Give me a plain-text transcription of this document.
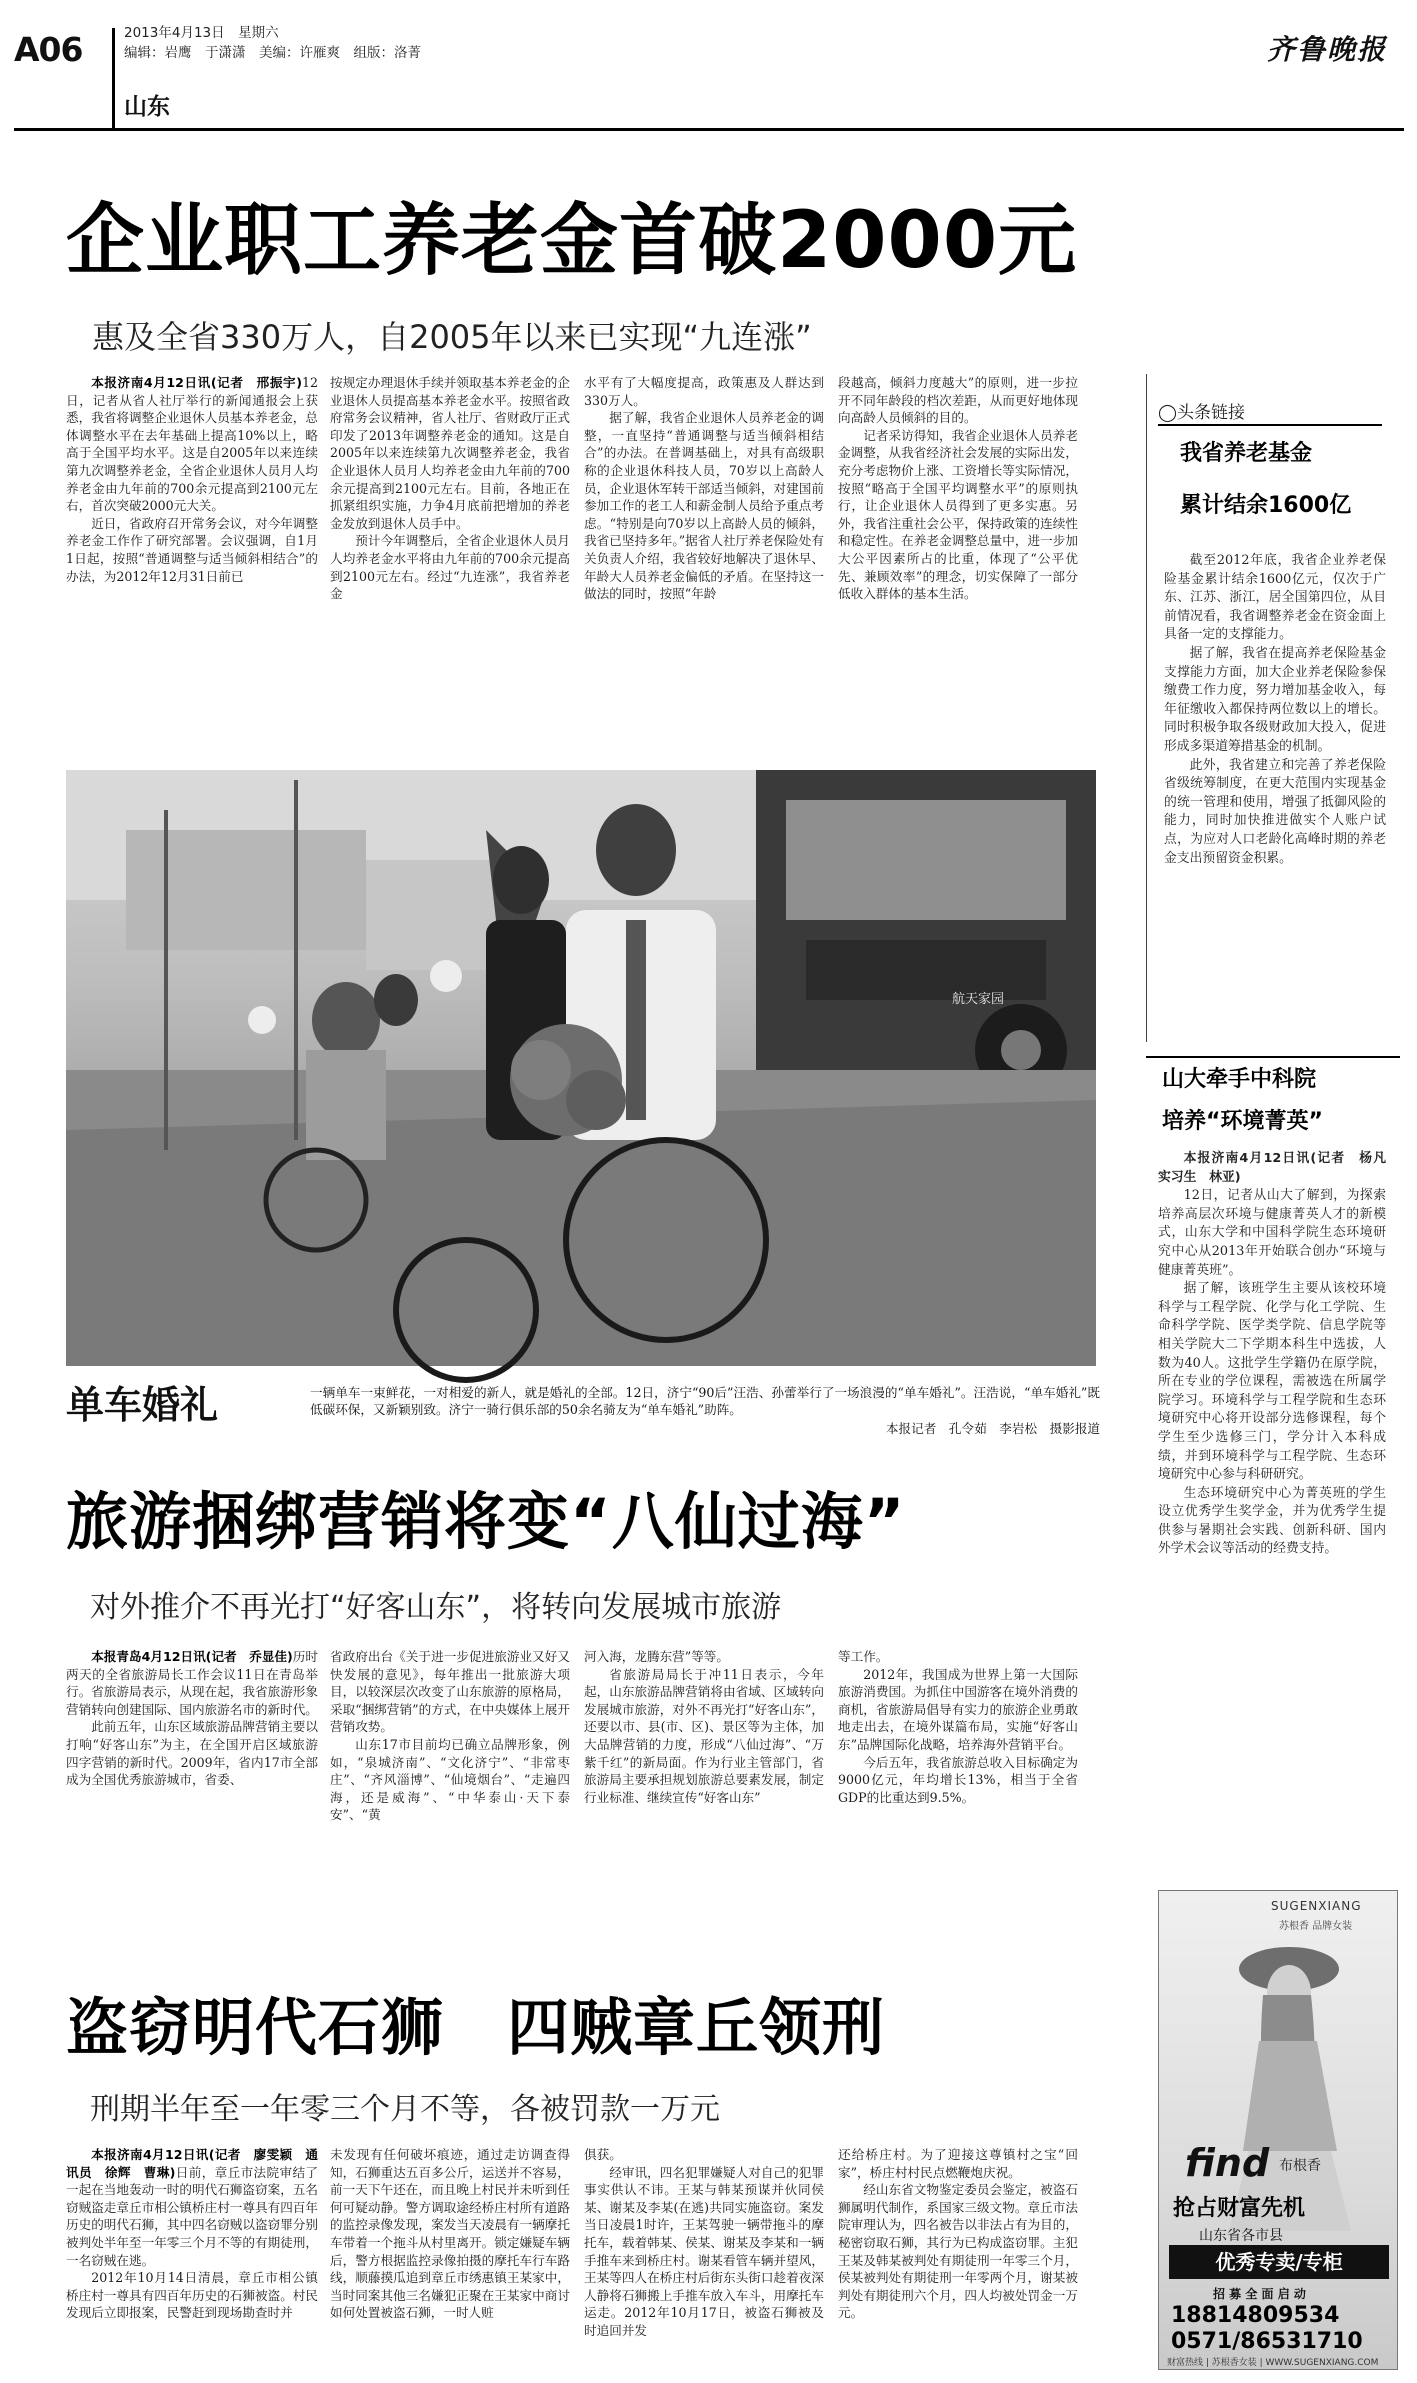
A06	2013年4月13日　星期六
编辑：岩鹰　于潇潇　美编：许雁爽　组版：洛菁
山东
齐鲁晚报
企业职工养老金首破2000元
惠及全省330万人，自2005年以来已实现“九连涨”

本报济南4月12日讯(记者　邢振宇)12日，记者从省人社厅举行的新闻通报会上获悉，我省将调整企业退休人员基本养老金，总体调整水平在去年基础上提高10%以上，略高于全国平均水平。这是自2005年以来连续第九次调整养老金，全省企业退休人员月人均养老金由九年前的700余元提高到2100元左右，首次突破2000元大关。

近日，省政府召开常务会议，对今年调整养老金工作作了研究部署。会议强调，自1月1日起，按照“普通调整与适当倾斜相结合”的办法，为2012年12月31日前已

按规定办理退休手续并领取基本养老金的企业退休人员提高基本养老金水平。按照省政府常务会议精神，省人社厅、省财政厅正式印发了2013年调整养老金的通知。这是自2005年以来连续第九次调整养老金，我省企业退休人员月人均养老金由九年前的700余元提高到2100元左右。目前，各地正在抓紧组织实施，力争4月底前把增加的养老金发放到退休人员手中。

预计今年调整后，全省企业退休人员月人均养老金水平将由九年前的700余元提高到2100元左右。经过“九连涨”，我省养老金

水平有了大幅度提高，政策惠及人群达到330万人。

据了解，我省企业退休人员养老金的调整，一直坚持“普通调整与适当倾斜相结合”的办法。在普调基础上，对具有高级职称的企业退休科技人员，70岁以上高龄人员，企业退休军转干部适当倾斜，对建国前参加工作的老工人和薪金制人员给予重点考虑。“特别是向70岁以上高龄人员的倾斜，我省已坚持多年。”据省人社厅养老保险处有关负责人介绍，我省较好地解决了退休早、年龄大人员养老金偏低的矛盾。在坚持这一做法的同时，按照“年龄

段越高，倾斜力度越大”的原则，进一步拉开不同年龄段的档次差距，从而更好地体现向高龄人员倾斜的目的。

记者采访得知，我省企业退休人员养老金调整，从我省经济社会发展的实际出发，充分考虑物价上涨、工资增长等实际情况，按照“略高于全国平均调整水平”的原则执行，让企业退休人员得到了更多实惠。另外，我省注重社会公平，保持政策的连续性和稳定性。在养老金调整总量中，进一步加大公平因素所占的比重，体现了“公平优先、兼顾效率”的理念，切实保障了一部分低收入群体的基本生活。

◯头条链接
我省养老基金
累计结余1600亿

截至2012年底，我省企业养老保险基金累计结余1600亿元，仅次于广东、江苏、浙江，居全国第四位，从目前情况看，我省调整养老金在资金面上具备一定的支撑能力。

据了解，我省在提高养老保险基金支撑能力方面，加大企业养老保险参保缴费工作力度，努力增加基金收入，每年征缴收入都保持两位数以上的增长。同时积极争取各级财政加大投入，促进形成多渠道筹措基金的机制。

此外，我省建立和完善了养老保险省级统筹制度，在更大范围内实现基金的统一管理和使用，增强了抵御风险的能力，同时加快推进做实个人账户试点，为应对人口老龄化高峰时期的养老金支出预留资金积累。

航天家园
单车婚礼	一辆单车一束鲜花，一对相爱的新人，就是婚礼的全部。12日，济宁“90后”汪浩、孙蕾举行了一场浪漫的“单车婚礼”。汪浩说，“单车婚礼”既低碳环保，又新颖别致。济宁一骑行俱乐部的50余名骑友为“单车婚礼”助阵。
本报记者　孔令茹　李岩松　摄影报道
山大牵手中科院
培养“环境菁英”

本报济南4月12日讯(记者　杨凡　实习生　林亚)

12日，记者从山大了解到，为探索培养高层次环境与健康菁英人才的新模式，山东大学和中国科学院生态环境研究中心从2013年开始联合创办“环境与健康菁英班”。

据了解，该班学生主要从该校环境科学与工程学院、化学与化工学院、生命科学学院、医学类学院、信息学院等相关学院大二下学期本科生中选拔，人数为40人。这批学生学籍仍在原学院，所在专业的学位课程，需被选在所属学院学习。环境科学与工程学院和生态环境研究中心将开设部分选修课程，每个学生至少选修三门，学分计入本科成绩，并到环境科学与工程学院、生态环境研究中心参与科研研究。

生态环境研究中心为菁英班的学生设立优秀学生奖学金，并为优秀学生提供参与暑期社会实践、创新科研、国内外学术会议等活动的经费支持。

旅游捆绑营销将变“八仙过海”
对外推介不再光打“好客山东”，将转向发展城市旅游

本报青岛4月12日讯(记者　乔显佳)历时两天的全省旅游局长工作会议11日在青岛举行。省旅游局表示，从现在起，我省旅游形象营销转向创建国际、国内旅游名市的新时代。

此前五年，山东区域旅游品牌营销主要以打响“好客山东”为主，在全国开启区域旅游四字营销的新时代。2009年，省内17市全部成为全国优秀旅游城市，省委、

省政府出台《关于进一步促进旅游业又好又快发展的意见》，每年推出一批旅游大项目，以较深层次改变了山东旅游的原格局，采取“捆绑营销”的方式，在中央媒体上展开营销攻势。

山东17市目前均已确立品牌形象，例如，“泉城济南”、“文化济宁”、“非常枣庄”、“齐风淄博”、“仙境烟台”、“走遍四海，还是威海”、“中华泰山·天下泰安”、“黄

河入海，龙腾东营”等等。

省旅游局局长于冲11日表示，今年起，山东旅游品牌营销将由省域、区域转向发展城市旅游，对外不再光打“好客山东”，还要以市、县(市、区)、景区等为主体，加大品牌营销的力度，形成“八仙过海”、“万紫千红”的新局面。作为行业主管部门，省旅游局主要承担规划旅游总要素发展，制定行业标准、继续宣传“好客山东”

等工作。

2012年，我国成为世界上第一大国际旅游消费国。为抓住中国游客在境外消费的商机，省旅游局倡导有实力的旅游企业勇敢地走出去，在境外谋篇布局，实施“好客山东”品牌国际化战略，培养海外营销平台。

今后五年，我省旅游总收入目标确定为9000亿元，年均增长13%，相当于全省GDP的比重达到9.5%。

盗窃明代石狮　四贼章丘领刑
刑期半年至一年零三个月不等，各被罚款一万元

本报济南4月12日讯(记者　廖雯颖　通讯员　徐辉　曹琳)日前，章丘市法院审结了一起在当地轰动一时的明代石狮盗窃案，五名窃贼盗走章丘市相公镇桥庄村一尊具有四百年历史的明代石狮，其中四名窃贼以盗窃罪分别被判处半年至一年零三个月不等的有期徒刑，一名窃贼在逃。

2012年10月14日清晨，章丘市相公镇桥庄村一尊具有四百年历史的石狮被盗。村民发现后立即报案，民警赶到现场勘查时并

未发现有任何破坏痕迹，通过走访调查得知，石狮重达五百多公斤，运送并不容易，前一天下午还在，而且晚上村民并未听到任何可疑动静。警方调取途经桥庄村所有道路的监控录像发现，案发当天凌晨有一辆摩托车带着一个拖斗从村里离开。锁定嫌疑车辆后，警方根据监控录像拍摄的摩托车行车路线，顺藤摸瓜追到章丘市绣惠镇王某家中，当时同案其他三名嫌犯正聚在王某家中商讨如何处置被盗石狮，一时人赃

俱获。

经审讯，四名犯罪嫌疑人对自己的犯罪事实供认不讳。王某与韩某预谋并伙同侯某、谢某及李某(在逃)共同实施盗窃。案发当日凌晨1时许，王某驾驶一辆带拖斗的摩托车，载着韩某、侯某、谢某及李某和一辆手推车来到桥庄村。谢某看管车辆并望风，王某等四人在桥庄村后街东头街口趁着夜深人静将石狮搬上手推车放入车斗，用摩托车运走。2012年10月17日，被盗石狮被及时追回并发

还给桥庄村。为了迎接这尊镇村之宝“回家”，桥庄村村民点燃鞭炮庆祝。

经山东省文物鉴定委员会鉴定，被盗石狮属明代制作，系国家三级文物。章丘市法院审理认为，四名被告以非法占有为目的，秘密窃取石狮，其行为已构成盗窃罪。主犯王某及韩某被判处有期徒刑一年零三个月，侯某被判处有期徒刑一年零两个月，谢某被判处有期徒刑六个月，四人均被处罚金一万元。

SUGENXIANG
苏根香 品牌女装
find 布根香
抢占财富先机
山东省各市县
优秀专卖/专柜
招 募 全 面 启 动
18814809534
0571/86531710
财富热线 | 苏根香女装 | WWW.SUGENXIANG.COM
